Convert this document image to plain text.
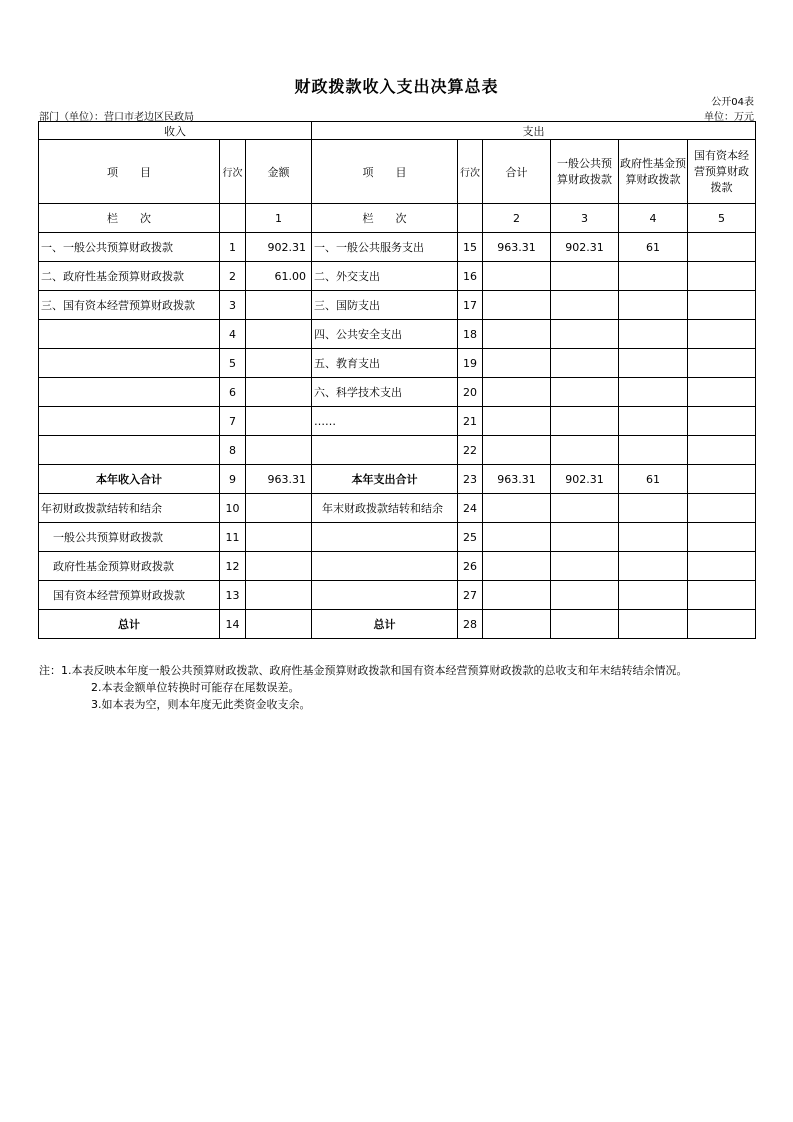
财政拨款收入支出决算总表
公开04表
部门（单位）：营口市老边区民政局	单位：万元
收入			支出					
项　　目	行次	金额	项　　目	行次	合计	一般公共预算财政拨款	政府性基金预算财政拨款	国有资本经营预算财政拨款
栏　　次		1	栏　　次		2	3	4	5
一、一般公共预算财政拨款	1	902.31	一、一般公共服务支出	15	963.31	902.31	61	
二、政府性基金预算财政拨款	2	61.00	二、外交支出	16				
三、国有资本经营预算财政拨款	3		三、国防支出	17				
	4		四、公共安全支出	18				
	5		五、教育支出	19				
	6		六、科学技术支出	20				
	7		……	21				
	8			22				
本年收入合计	9	963.31	本年支出合计	23	963.31	902.31	61	
年初财政拨款结转和结余	10		年末财政拨款结转和结余	24				
一般公共预算财政拨款	11			25				
政府性基金预算财政拨款	12			26				
国有资本经营预算财政拨款	13			27				
总计	14		总计	28				
注：1.本表反映本年度一般公共预算财政拨款、政府性基金预算财政拨款和国有资本经营预算财政拨款的总收支和年末结转结余情况。
2.本表金额单位转换时可能存在尾数误差。
3.如本表为空，则本年度无此类资金收支余。
